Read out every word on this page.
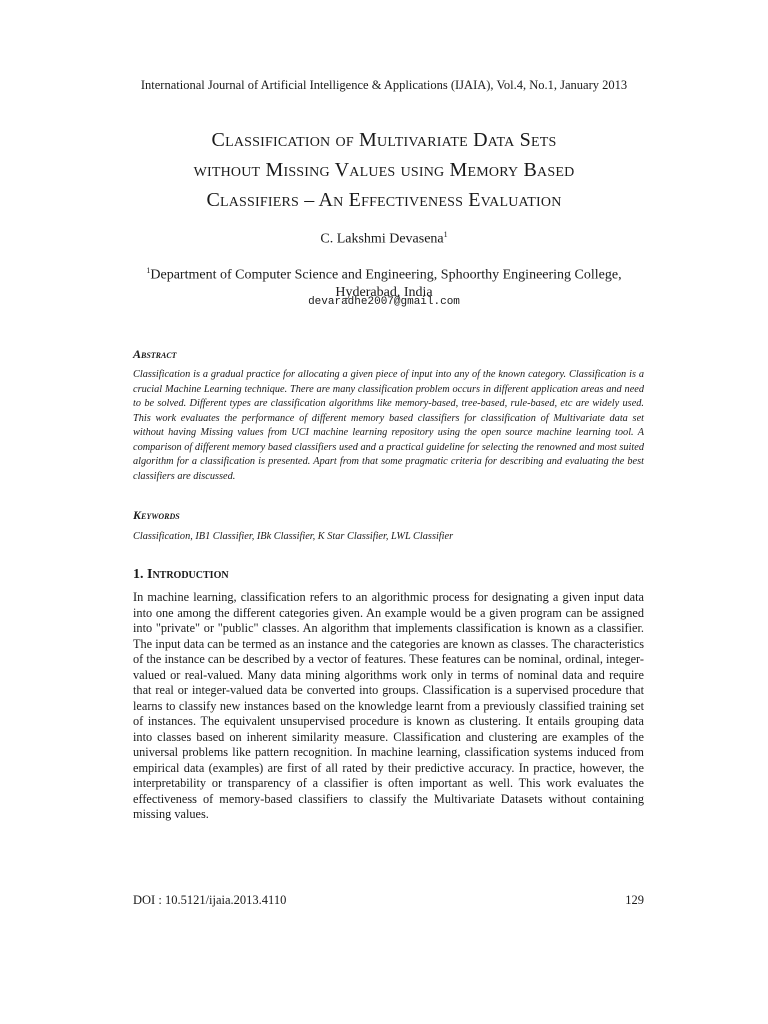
International Journal of Artificial Intelligence & Applications (IJAIA), Vol.4, No.1, January 2013
Classification of Multivariate Data Sets
without Missing Values using Memory Based
Classifiers – An Effectiveness Evaluation
C. Lakshmi Devasena$^1$
$^1$Department of Computer Science and Engineering, Sphoorthy Engineering College,
Hyderabad, India
devaradhe2007@gmail.com
Abstract
Classification is a gradual practice for allocating a given piece of input into any of the known category. Classification is a crucial Machine Learning technique. There are many classification problem occurs in different application areas and need to be solved. Different types are classification algorithms like memory-based, tree-based, rule-based, etc are widely used. This work evaluates the performance of different memory based classifiers for classification of Multivariate data set without having Missing values from UCI machine learning repository using the open source machine learning tool. A comparison of different memory based classifiers used and a practical guideline for selecting the renowned and most suited algorithm for a classification is presented. Apart from that some pragmatic criteria for describing and evaluating the best classifiers are discussed.
Keywords
Classification, IB1 Classifier, IBk Classifier, K Star Classifier, LWL Classifier
1. Introduction
In machine learning, classification refers to an algorithmic process for designating a given input data into one among the different categories given. An example would be a given program can be assigned into "private" or "public" classes. An algorithm that implements classification is known as a classifier. The input data can be termed as an instance and the categories are known as classes. The characteristics of the instance can be described by a vector of features. These features can be nominal, ordinal, integer-valued or real-valued. Many data mining algorithms work only in terms of nominal data and require that real or integer-valued data be converted into groups. Classification is a supervised procedure that learns to classify new instances based on the knowledge learnt from a previously classified training set of instances. The equivalent unsupervised procedure is known as clustering. It entails grouping data into classes based on inherent similarity measure. Classification and clustering are examples of the universal problems like pattern recognition. In machine learning, classification systems induced from empirical data (examples) are first of all rated by their predictive accuracy. In practice, however, the interpretability or transparency of a classifier is often important as well. This work evaluates the effectiveness of memory-based classifiers to classify the Multivariate Datasets without containing missing values.
DOI : 10.5121/ijaia.2013.4110	129
